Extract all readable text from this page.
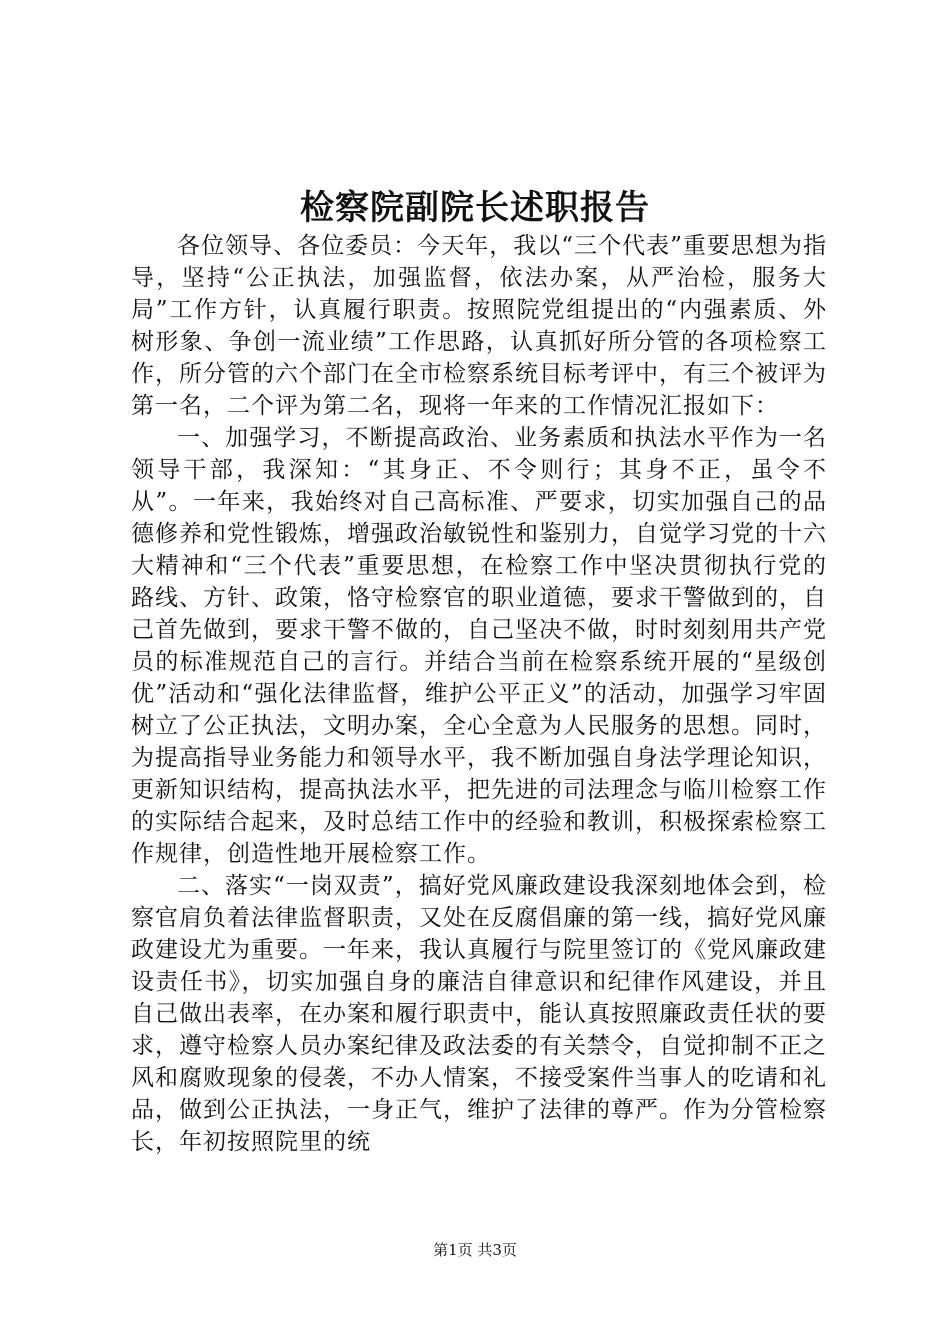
检察院副院长述职报告

各位领导、各位委员：今天年，我以“三个代表”重要思想为指导，坚持“公正执法，加强监督，依法办案，从严治检，服务大局”工作方针，认真履行职责。按照院党组提出的“内强素质、外树形象、争创一流业绩”工作思路，认真抓好所分管的各项检察工作，所分管的六个部门在全市检察系统目标考评中，有三个被评为第一名，二个评为第二名，现将一年来的工作情况汇报如下：

一、加强学习，不断提高政治、业务素质和执法水平作为一名领导干部，我深知：“其身正、不令则行；其身不正，虽令不从”。一年来，我始终对自己高标准、严要求，切实加强自己的品德修养和党性锻炼，增强政治敏锐性和鉴别力，自觉学习党的十六大精神和“三个代表”重要思想，在检察工作中坚决贯彻执行党的路线、方针、政策，恪守检察官的职业道德，要求干警做到的，自己首先做到，要求干警不做的，自己坚决不做，时时刻刻用共产党员的标准规范自己的言行。并结合当前在检察系统开展的“星级创优”活动和“强化法律监督，维护公平正义”的活动，加强学习牢固树立了公正执法，文明办案，全心全意为人民服务的思想。同时，为提高指导业务能力和领导水平，我不断加强自身法学理论知识，更新知识结构，提高执法水平，把先进的司法理念与临川检察工作的实际结合起来，及时总结工作中的经验和教训，积极探索检察工作规律，创造性地开展检察工作。

二、落实“一岗双责”，搞好党风廉政建设我深刻地体会到，检察官肩负着法律监督职责，又处在反腐倡廉的第一线，搞好党风廉政建设尤为重要。一年来，我认真履行与院里签订的《党风廉政建设责任书》，切实加强自身的廉洁自律意识和纪律作风建设，并且自己做出表率，在办案和履行职责中，能认真按照廉政责任状的要求，遵守检察人员办案纪律及政法委的有关禁令，自觉抑制不正之风和腐败现象的侵袭，不办人情案，不接受案件当事人的吃请和礼品，做到公正执法，一身正气，维护了法律的尊严。作为分管检察长，年初按照院里的统

第1页 共3页
